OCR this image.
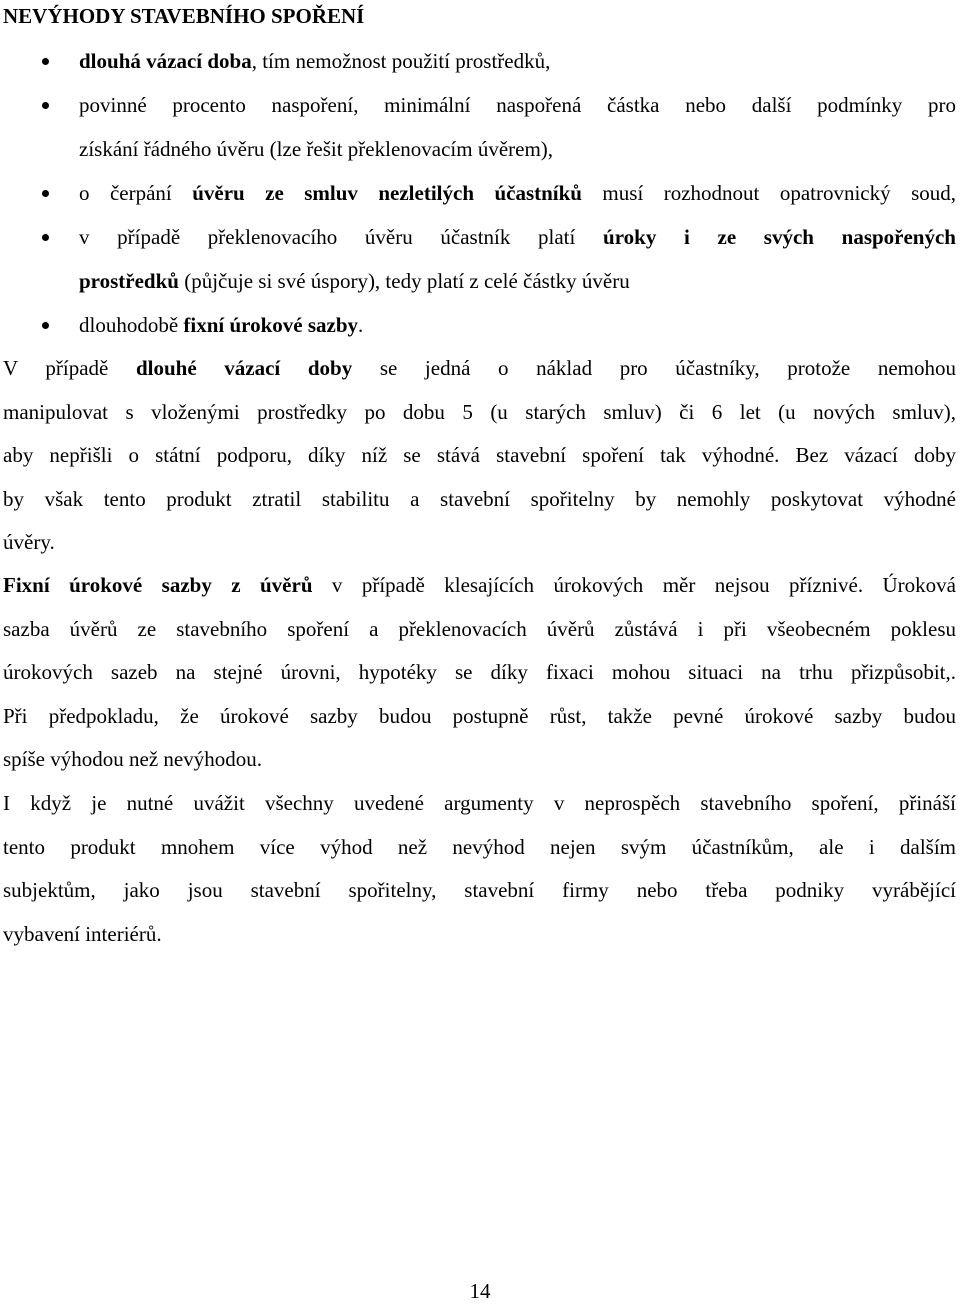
NEVÝHODY STAVEBNÍHO SPOŘENÍ
dlouhá vázací doba, tím nemožnost použití prostředků,
povinné procento naspoření, minimální naspořená částka nebo další podmínky pro
získání řádného úvěru (lze řešit překlenovacím úvěrem),
o čerpání úvěru ze smluv nezletilých účastníků musí rozhodnout opatrovnický soud,
v případě překlenovacího úvěru účastník platí úroky i ze svých naspořených
prostředků (půjčuje si své úspory), tedy platí z celé částky úvěru
dlouhodobě fixní úrokové sazby.
V případě dlouhé vázací doby se jedná o náklad pro účastníky, protože nemohou
manipulovat s vloženými prostředky po dobu 5 (u starých smluv) či 6 let (u nových smluv),
aby nepřišli o státní podporu, díky níž se stává stavební spoření tak výhodné. Bez vázací doby
by však tento produkt ztratil stabilitu a stavební spořitelny by nemohly poskytovat výhodné
úvěry.
Fixní úrokové sazby z úvěrů v případě klesajících úrokových měr nejsou příznivé. Úroková
sazba úvěrů ze stavebního spoření a překlenovacích úvěrů zůstává i při všeobecném poklesu
úrokových sazeb na stejné úrovni, hypotéky se díky fixaci mohou situaci na trhu přizpůsobit,.
Při předpokladu, že úrokové sazby budou postupně růst, takže pevné úrokové sazby budou
spíše výhodou než nevýhodou.
I když je nutné uvážit všechny uvedené argumenty v neprospěch stavebního spoření, přináší
tento produkt mnohem více výhod než nevýhod nejen svým účastníkům, ale i dalším
subjektům, jako jsou stavební spořitelny, stavební firmy nebo třeba podniky vyrábějící
vybavení interiérů.
14
